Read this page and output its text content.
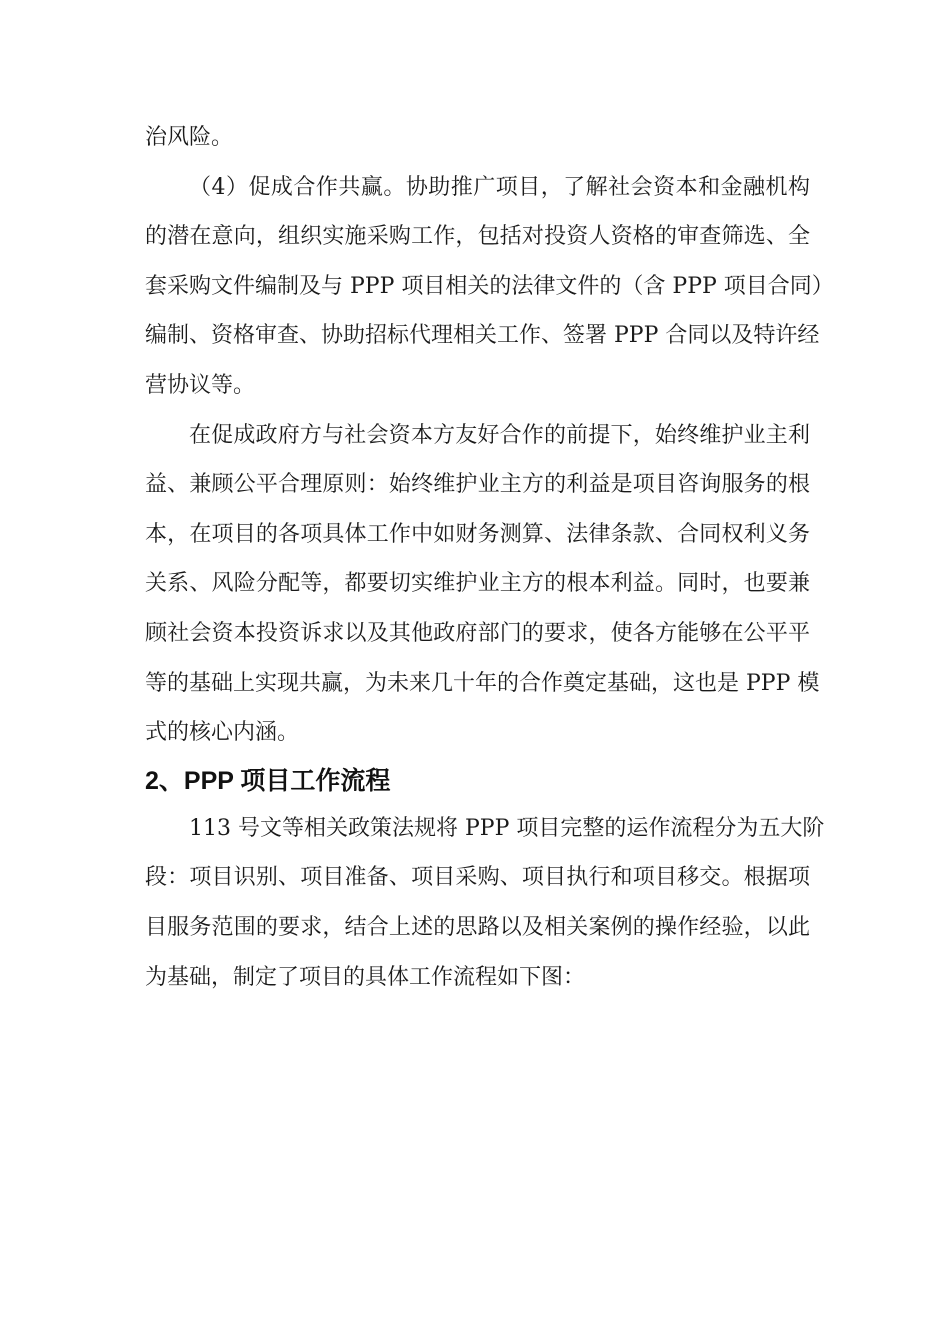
治风险。
（4）促成合作共赢。协助推广项目，了解社会资本和金融机构
的潜在意向，组织实施采购工作，包括对投资人资格的审查筛选、全
套采购文件编制及与 PPP 项目相关的法律文件的（含 PPP 项目合同）
编制、资格审查、协助招标代理相关工作、签署 PPP 合同以及特许经
营协议等。
在促成政府方与社会资本方友好合作的前提下，始终维护业主利
益、兼顾公平合理原则：始终维护业主方的利益是项目咨询服务的根
本，在项目的各项具体工作中如财务测算、法律条款、合同权利义务
关系、风险分配等，都要切实维护业主方的根本利益。同时，也要兼
顾社会资本投资诉求以及其他政府部门的要求，使各方能够在公平平
等的基础上实现共赢，为未来几十年的合作奠定基础，这也是 PPP 模
式的核心内涵。
2、PPP 项目工作流程
113 号文等相关政策法规将 PPP 项目完整的运作流程分为五大阶
段：项目识别、项目准备、项目采购、项目执行和项目移交。根据项
目服务范围的要求，结合上述的思路以及相关案例的操作经验，以此
为基础，制定了项目的具体工作流程如下图：
